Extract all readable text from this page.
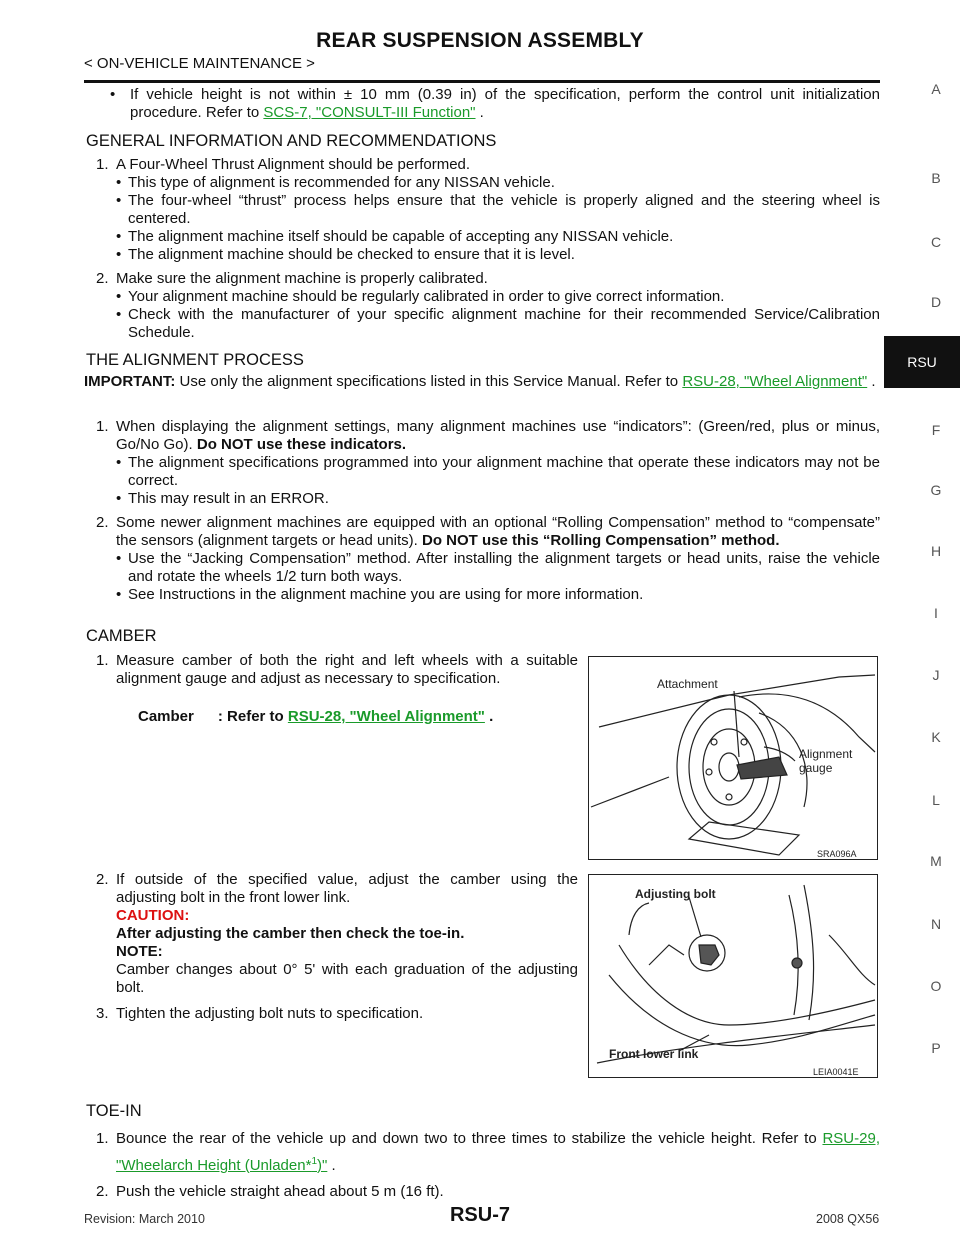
REAR SUSPENSION ASSEMBLY
< ON-VEHICLE MAINTENANCE >
A
B
C
D
RSU
F
G
H
I
J
K
L
M
N
O
P
• If vehicle height is not within ± 10 mm (0.39 in) of the specification, perform the control unit initialization procedure. Refer to SCS-7, "CONSULT-III Function" .
GENERAL INFORMATION AND RECOMMENDATIONS
1. A Four-Wheel Thrust Alignment should be performed.
• This type of alignment is recommended for any NISSAN vehicle.
• The four-wheel “thrust” process helps ensure that the vehicle is properly aligned and the steering wheel is centered.
• The alignment machine itself should be capable of accepting any NISSAN vehicle.
• The alignment machine should be checked to ensure that it is level.
2. Make sure the alignment machine is properly calibrated.
• Your alignment machine should be regularly calibrated in order to give correct information.
• Check with the manufacturer of your specific alignment machine for their recommended Service/Calibration Schedule.
THE ALIGNMENT PROCESS
IMPORTANT: Use only the alignment specifications listed in this Service Manual. Refer to RSU-28, "Wheel Alignment" .
1. When displaying the alignment settings, many alignment machines use “indicators”: (Green/red, plus or minus, Go/No Go). Do NOT use these indicators.
• The alignment specifications programmed into your alignment machine that operate these indicators may not be correct.
• This may result in an ERROR.
2. Some newer alignment machines are equipped with an optional “Rolling Compensation” method to “compensate” the sensors (alignment targets or head units). Do NOT use this “Rolling Compensation” method.
• Use the “Jacking Compensation” method. After installing the alignment targets or head units, raise the vehicle and rotate the wheels 1/2 turn both ways.
• See Instructions in the alignment machine you are using for more information.
CAMBER
1. Measure camber of both the right and left wheels with a suitable alignment gauge and adjust as necessary to specification.
Camber : Refer to RSU-28, "Wheel Alignment" .
2. If outside of the specified value, adjust the camber using the adjusting bolt in the front lower link.
CAUTION:
After adjusting the camber then check the toe-in.
NOTE:
Camber changes about 0° 5' with each graduation of the adjusting bolt.
3. Tighten the adjusting bolt nuts to specification.
Attachment
Alignment
gauge
SRA096A
Adjusting bolt
Front lower link
LEIA0041E
TOE-IN
1. Bounce the rear of the vehicle up and down two to three times to stabilize the vehicle height. Refer to RSU-29, "Wheelarch Height (Unladen*$^1$)" .
2. Push the vehicle straight ahead about 5 m (16 ft).
Revision: March 2010	RSU-7	2008 QX56
